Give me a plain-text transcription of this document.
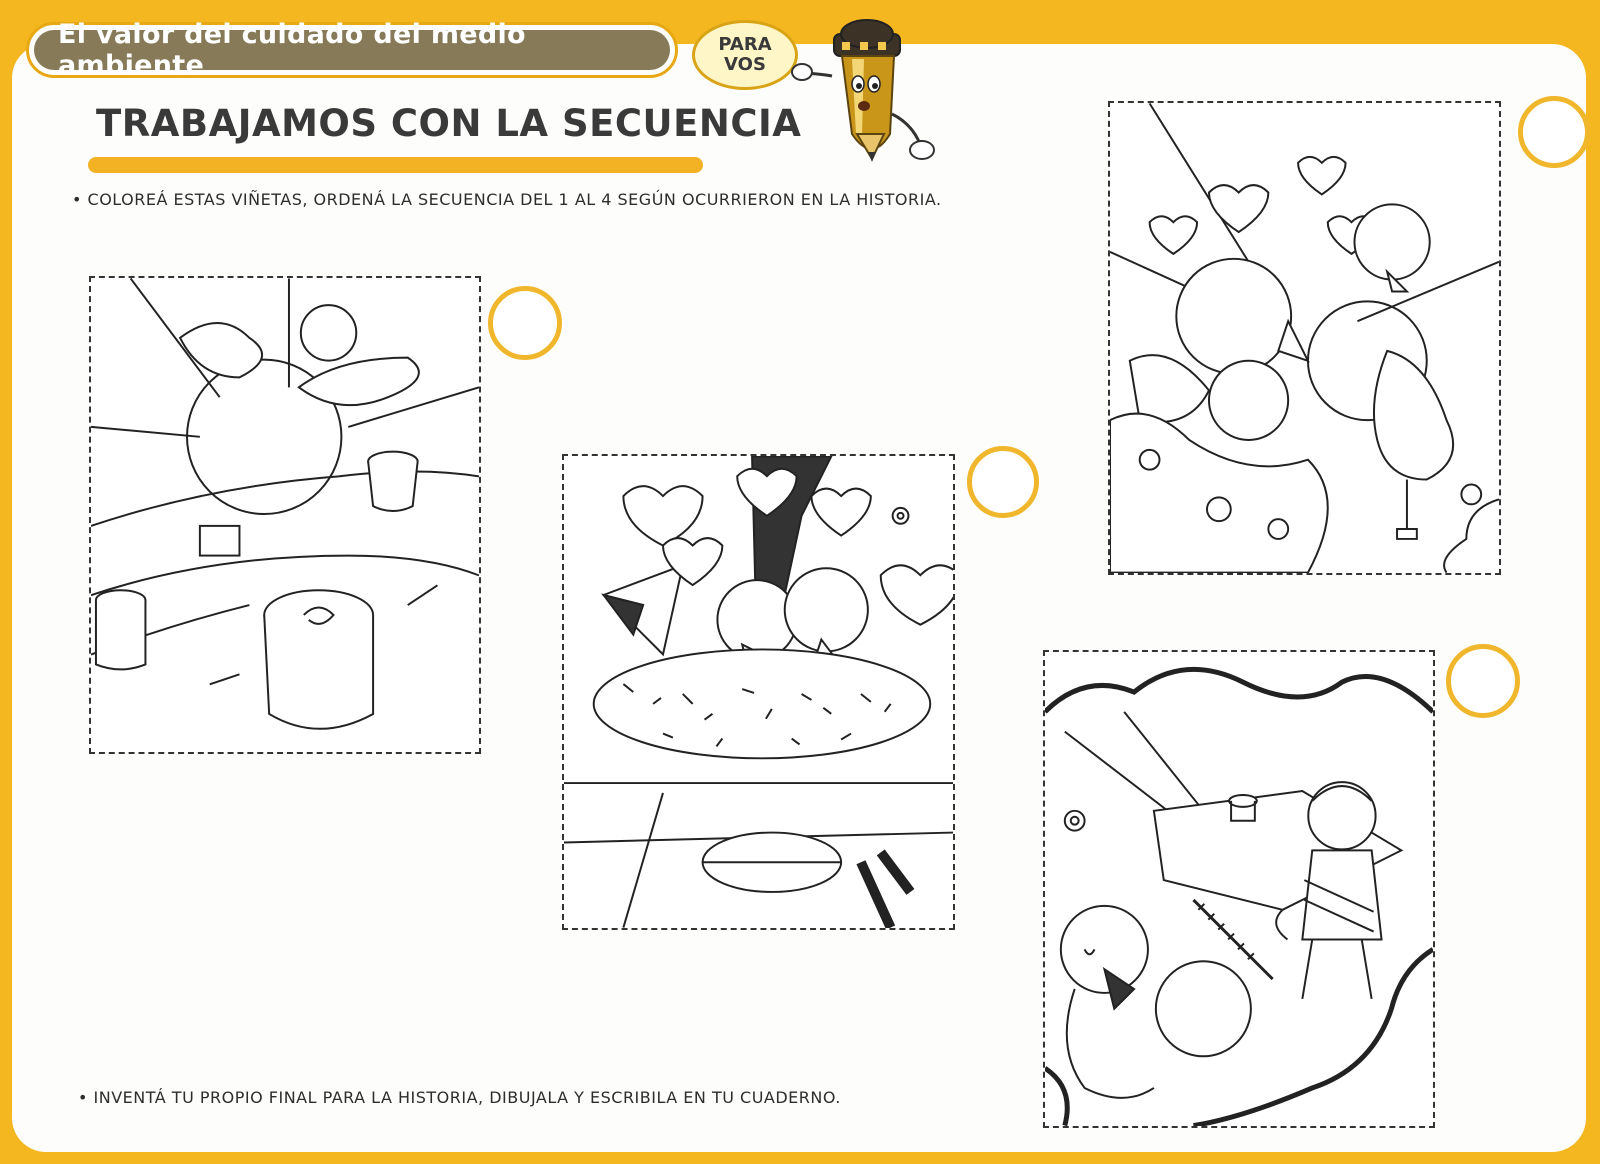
El valor del cuidado del medio ambiente
PARA
VOS
TRABAJAMOS CON LA SECUENCIA
• COLOREÁ ESTAS VIÑETAS, ORDENÁ LA SECUENCIA DEL 1 AL 4 SEGÚN OCURRIERON EN LA HISTORIA.
• INVENTÁ TU PROPIO FINAL PARA LA HISTORIA, DIBUJALA Y ESCRIBILA EN TU CUADERNO.
